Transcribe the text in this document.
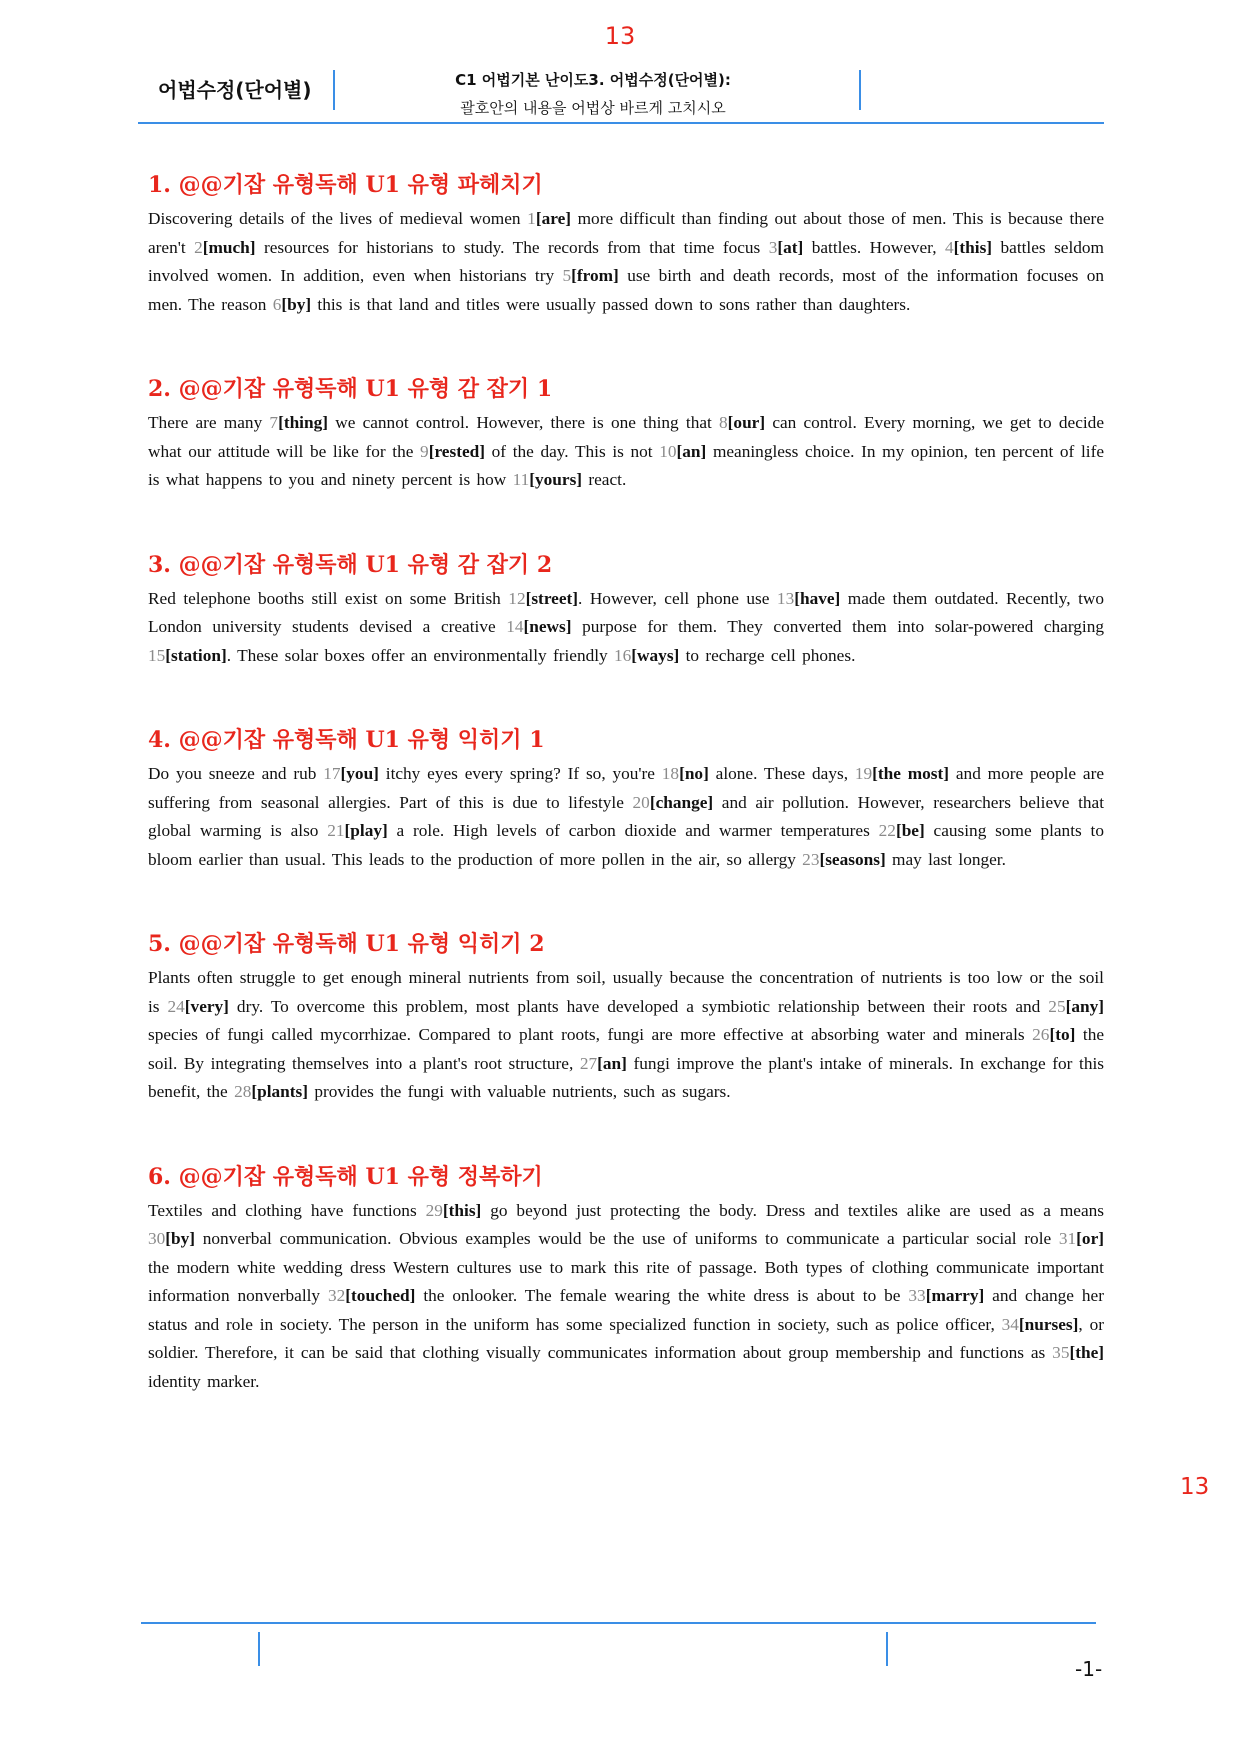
13
어법수정(단어별)	C1 어법기본 난이도3. 어법수정(단어별):
괄호안의 내용을 어법상 바르게 고치시오
1. @@기잡 유형독해 U1 유형 파헤치기

Discovering details of the lives of medieval women 1[are] more difficult than finding out about those of men. This is because there aren't 2[much] resources for historians to study. The records from that time focus 3[at] battles. However, 4[this] battles seldom involved women. In addition, even when historians try 5[from] use birth and death records, most of the information focuses on men. The reason 6[by] this is that land and titles were usually passed down to sons rather than daughters.

2. @@기잡 유형독해 U1 유형 감 잡기 1

There are many 7[thing] we cannot control. However, there is one thing that 8[our] can control. Every morning, we get to decide what our attitude will be like for the 9[rested] of the day. This is not 10[an] meaningless choice. In my opinion, ten percent of life is what happens to you and ninety percent is how 11[yours] react.

3. @@기잡 유형독해 U1 유형 감 잡기 2

Red telephone booths still exist on some British 12[street]. However, cell phone use 13[have] made them outdated. Recently, two London university students devised a creative 14[news] purpose for them. They converted them into solar-powered charging 15[station]. These solar boxes offer an environmentally friendly 16[ways] to recharge cell phones.

4. @@기잡 유형독해 U1 유형 익히기 1

Do you sneeze and rub 17[you] itchy eyes every spring? If so, you're 18[no] alone. These days, 19[the most] and more people are suffering from seasonal allergies. Part of this is due to lifestyle 20[change] and air pollution. However, researchers believe that global warming is also 21[play] a role. High levels of carbon dioxide and warmer temperatures 22[be] causing some plants to bloom earlier than usual. This leads to the production of more pollen in the air, so allergy 23[seasons] may last longer.

5. @@기잡 유형독해 U1 유형 익히기 2

Plants often struggle to get enough mineral nutrients from soil, usually because the concentration of nutrients is too low or the soil is 24[very] dry. To overcome this problem, most plants have developed a symbiotic relationship between their roots and 25[any] species of fungi called mycorrhizae. Compared to plant roots, fungi are more effective at absorbing water and minerals 26[to] the soil. By integrating themselves into a plant's root structure, 27[an] fungi improve the plant's intake of minerals. In exchange for this benefit, the 28[plants] provides the fungi with valuable nutrients, such as sugars.

6. @@기잡 유형독해 U1 유형 정복하기

Textiles and clothing have functions 29[this] go beyond just protecting the body. Dress and textiles alike are used as a means 30[by] nonverbal communication. Obvious examples would be the use of uniforms to communicate a particular social role 31[or] the modern white wedding dress Western cultures use to mark this rite of passage. Both types of clothing communicate important information nonverbally 32[touched] the onlooker. The female wearing the white dress is about to be 33[marry] and change her status and role in society. The person in the uniform has some specialized function in society, such as police officer, 34[nurses], or soldier. Therefore, it can be said that clothing visually communicates information about group membership and functions as 35[the] identity marker.

-1-
13
